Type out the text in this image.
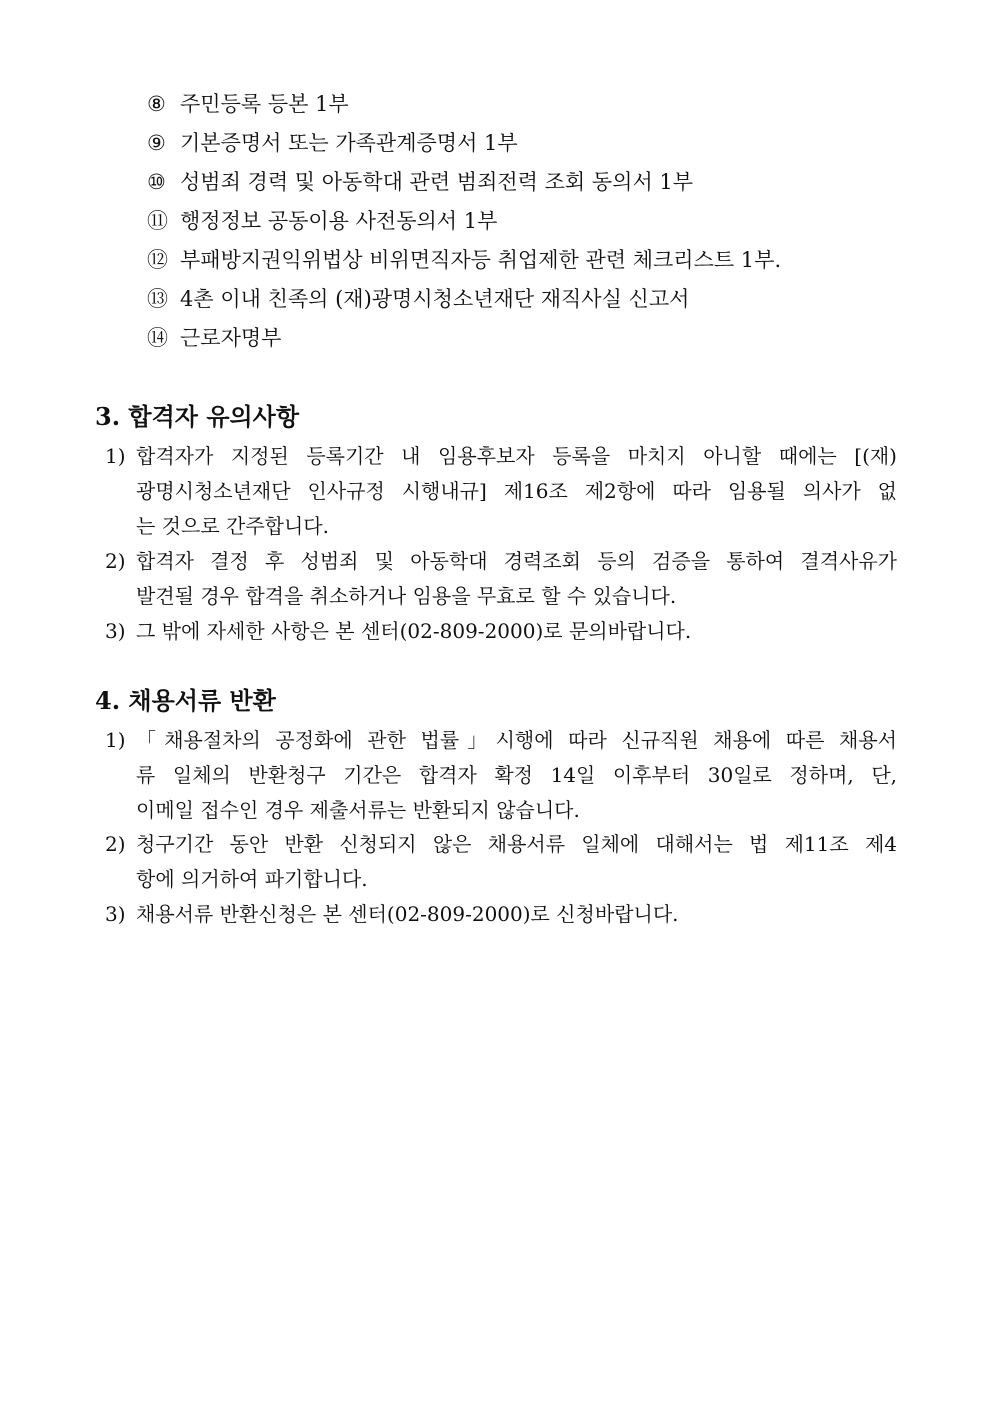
⑧ 주민등록 등본 1부
⑨ 기본증명서 또는 가족관계증명서 1부
⑩ 성범죄 경력 및 아동학대 관련 범죄전력 조회 동의서 1부
⑪ 행정정보 공동이용 사전동의서 1부
⑫ 부패방지권익위법상 비위면직자등 취업제한 관련 체크리스트 1부.
⑬ 4촌 이내 친족의 (재)광명시청소년재단 재직사실 신고서
⑭ 근로자명부
3. 합격자 유의사항
1) 합격자가 지정된 등록기간 내 임용후보자 등록을 마치지 아니할 때에는 [(재)
광명시청소년재단 인사규정 시행내규] 제16조 제2항에 따라 임용될 의사가 없
는 것으로 간주합니다.
2) 합격자 결정 후 성범죄 및 아동학대 경력조회 등의 검증을 통하여 결격사유가
발견될 경우 합격을 취소하거나 임용을 무효로 할 수 있습니다.
3) 그 밖에 자세한 사항은 본 센터(02-809-2000)로 문의바랍니다.
4. 채용서류 반환
1) 「채용절차의 공정화에 관한 법률」시행에 따라 신규직원 채용에 따른 채용서
류 일체의 반환청구 기간은 합격자 확정 14일 이후부터 30일로 정하며, 단,
이메일 접수인 경우 제출서류는 반환되지 않습니다.
2) 청구기간 동안 반환 신청되지 않은 채용서류 일체에 대해서는 법 제11조 제4
항에 의거하여 파기합니다.
3) 채용서류 반환신청은 본 센터(02-809-2000)로 신청바랍니다.
